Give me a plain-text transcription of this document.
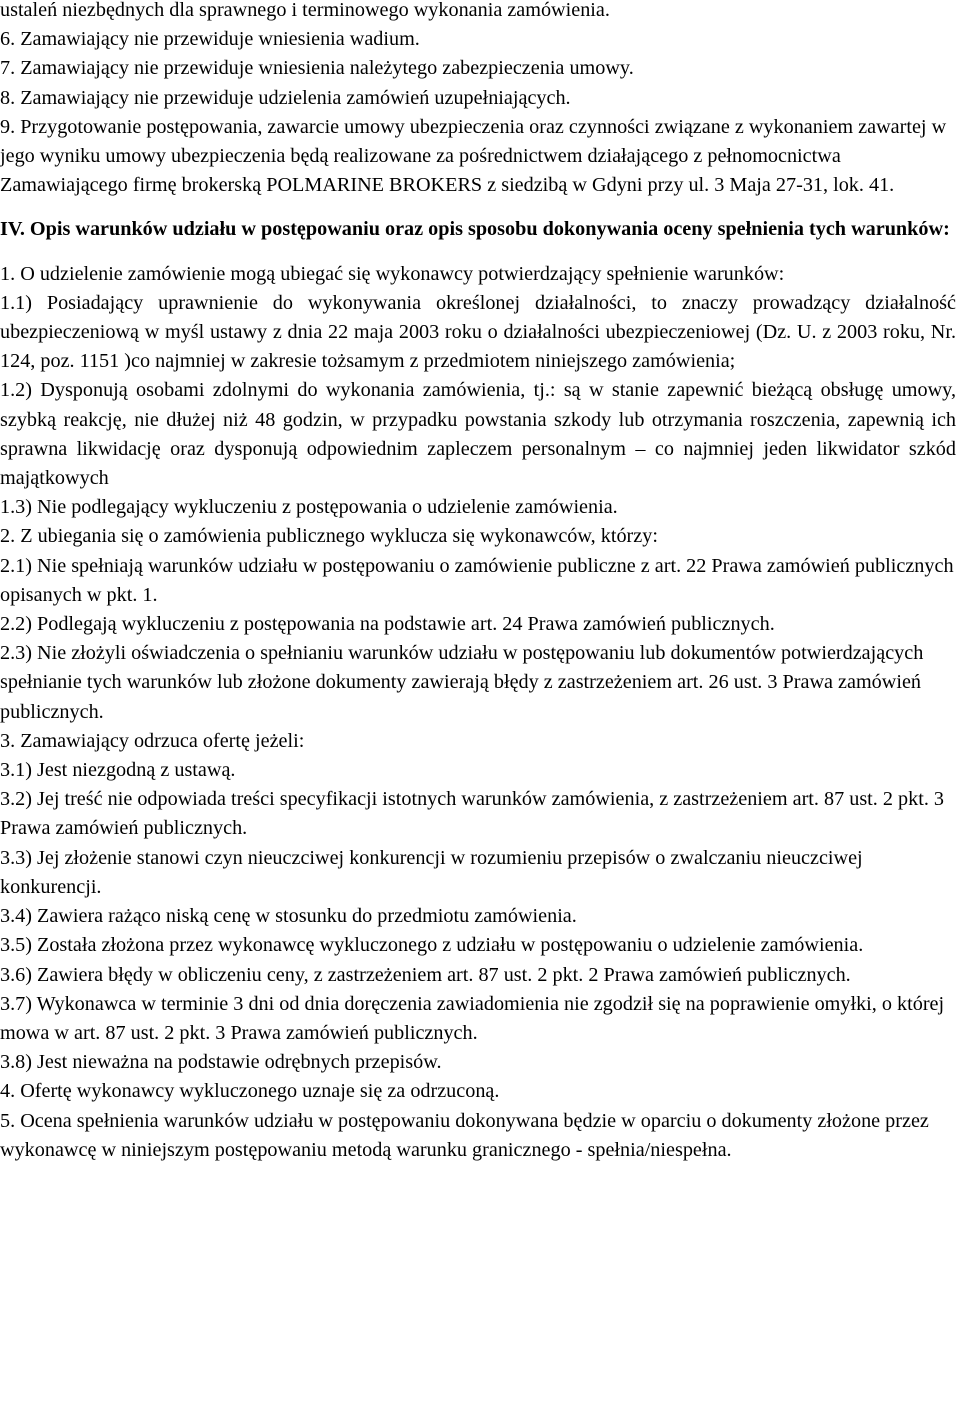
ustaleń niezbędnych dla sprawnego i terminowego wykonania zamówienia.

6. Zamawiający nie przewiduje wniesienia wadium.

7. Zamawiający nie przewiduje wniesienia należytego zabezpieczenia umowy.

8. Zamawiający nie przewiduje udzielenia zamówień uzupełniających.

9. Przygotowanie postępowania, zawarcie umowy ubezpieczenia oraz czynności związane z wykonaniem zawartej w jego wyniku umowy ubezpieczenia będą realizowane za pośrednictwem działającego z pełnomocnictwa Zamawiającego firmę brokerską POLMARINE BROKERS z siedzibą w Gdyni przy ul. 3 Maja 27-31, lok. 41.

IV. Opis warunków udziału w postępowaniu oraz opis sposobu dokonywania oceny spełnienia tych warunków:

1. O udzielenie zamówienie mogą ubiegać się wykonawcy potwierdzający spełnienie warunków:

1.1) Posiadający uprawnienie do wykonywania określonej działalności, to znaczy prowadzący działalność ubezpieczeniową w myśl ustawy z dnia 22 maja 2003 roku o działalności ubezpieczeniowej (Dz. U. z 2003 roku, Nr. 124, poz. 1151 )co najmniej w zakresie tożsamym z przedmiotem niniejszego zamówienia;

1.2) Dysponują osobami zdolnymi do wykonania zamówienia, tj.: są w stanie zapewnić bieżącą obsługę umowy, szybką reakcję, nie dłużej niż 48 godzin, w przypadku powstania szkody lub otrzymania roszczenia, zapewnią ich sprawna likwidację oraz dysponują odpowiednim zapleczem personalnym – co najmniej jeden likwidator szkód majątkowych

1.3) Nie podlegający wykluczeniu z postępowania o udzielenie zamówienia.

2. Z ubiegania się o zamówienia publicznego wyklucza się wykonawców, którzy:

2.1) Nie spełniają warunków udziału w postępowaniu o zamówienie publiczne z art. 22 Prawa zamówień publicznych opisanych w pkt. 1.

2.2) Podlegają wykluczeniu z postępowania na podstawie art. 24 Prawa zamówień publicznych.

2.3) Nie złożyli oświadczenia o spełnianiu warunków udziału w postępowaniu lub dokumentów potwierdzających spełnianie tych warunków lub złożone dokumenty zawierają błędy z zastrzeżeniem art. 26 ust. 3 Prawa zamówień publicznych.

3. Zamawiający odrzuca ofertę jeżeli:

3.1) Jest niezgodną z ustawą.

3.2) Jej treść nie odpowiada treści specyfikacji istotnych warunków zamówienia, z zastrzeżeniem art. 87 ust. 2 pkt. 3 Prawa zamówień publicznych.

3.3) Jej złożenie stanowi czyn nieuczciwej konkurencji w rozumieniu przepisów o zwalczaniu nieuczciwej konkurencji.

3.4) Zawiera rażąco niską cenę w stosunku do przedmiotu zamówienia.

3.5) Została złożona przez wykonawcę wykluczonego z udziału w postępowaniu o udzielenie zamówienia.

3.6) Zawiera błędy w obliczeniu ceny, z zastrzeżeniem art. 87 ust. 2 pkt. 2 Prawa zamówień publicznych.

3.7) Wykonawca w terminie 3 dni od dnia doręczenia zawiadomienia nie zgodził się na poprawienie omyłki, o której mowa w art. 87 ust. 2 pkt. 3 Prawa zamówień publicznych.

3.8) Jest nieważna na podstawie odrębnych przepisów.

4. Ofertę wykonawcy wykluczonego uznaje się za odrzuconą.

5. Ocena spełnienia warunków udziału w postępowaniu dokonywana będzie w oparciu o dokumenty złożone przez wykonawcę w niniejszym postępowaniu metodą warunku granicznego - spełnia/niespełna.
